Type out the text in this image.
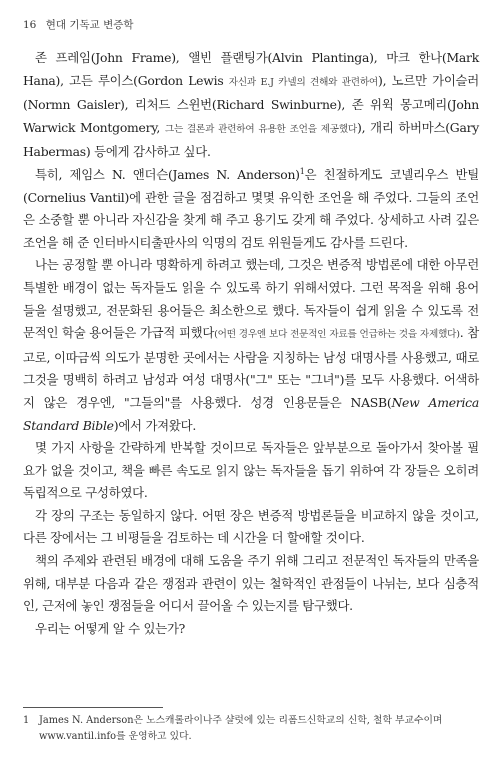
16 현대 기독교 변증학

존 프레임(John Frame), 앨빈 플랜팅가(Alvin Plantinga), 마크 한나(Mark Hana), 고든 루이스(Gordon Lewis 자신과 E.J 카넬의 견해와 관련하여), 노르만 가이슬러(Normn Gaisler), 리처드 스윈번(Richard Swinburne), 존 위윅 몽고메리(John Warwick Montgomery, 그는 결론과 관련하여 유용한 조언을 제공했다), 개리 하버마스(Gary Habermas) 등에게 감사하고 싶다.

특히, 제임스 N. 앤더슨(James N. Anderson)$^1$은 친절하게도 코넬리우스 반틸(Cornelius Vantil)에 관한 글을 점검하고 몇몇 유익한 조언을 해 주었다. 그들의 조언은 소중할 뿐 아니라 자신감을 찾게 해 주고 용기도 갖게 해 주었다. 상세하고 사려 깊은 조언을 해 준 인터바시티출판사의 익명의 검토 위원들게도 감사를 드린다.

나는 공정할 뿐 아니라 명확하게 하려고 했는데, 그것은 변증적 방법론에 대한 아무런 특별한 배경이 없는 독자들도 읽을 수 있도록 하기 위해서였다. 그런 목적을 위해 용어들을 설명했고, 전문화된 용어들은 최소한으로 했다. 독자들이 쉽게 읽을 수 있도록 전문적인 학술 용어들은 가급적 피했다(어떤 경우엔 보다 전문적인 자료를 언급하는 것을 자제했다). 참고로, 이따금씩 의도가 분명한 곳에서는 사람을 지칭하는 남성 대명사를 사용했고, 때로 그것을 명백히 하려고 남성과 여성 대명사("그" 또는 "그녀")를 모두 사용했다. 어색하지 않은 경우엔, "그들의"를 사용했다. 성경 인용문들은 NASB(New America Standard Bible)에서 가져왔다.

몇 가지 사항을 간략하게 반복할 것이므로 독자들은 앞부분으로 돌아가서 찾아볼 필요가 없을 것이고, 책을 빠른 속도로 읽지 않는 독자들을 돕기 위하여 각 장들은 오히려 독립적으로 구성하였다.

각 장의 구조는 동일하지 않다. 어떤 장은 변증적 방법론들을 비교하지 않을 것이고, 다른 장에서는 그 비평들을 검토하는 데 시간을 더 할애할 것이다.

책의 주제와 관련된 배경에 대해 도움을 주기 위해 그리고 전문적인 독자들의 만족을 위해, 대부분 다음과 같은 쟁점과 관련이 있는 철학적인 관점들이 나뉘는, 보다 심층적인, 근저에 놓인 쟁점들을 어디서 끌어올 수 있는지를 탐구했다.

우리는 어떻게 알 수 있는가?

1 James N. Anderson은 노스캐롤라이나주 샬럿에 있는 리폼드신학교의 신학, 철학 부교수이며 www.vantil.info를 운영하고 있다.
